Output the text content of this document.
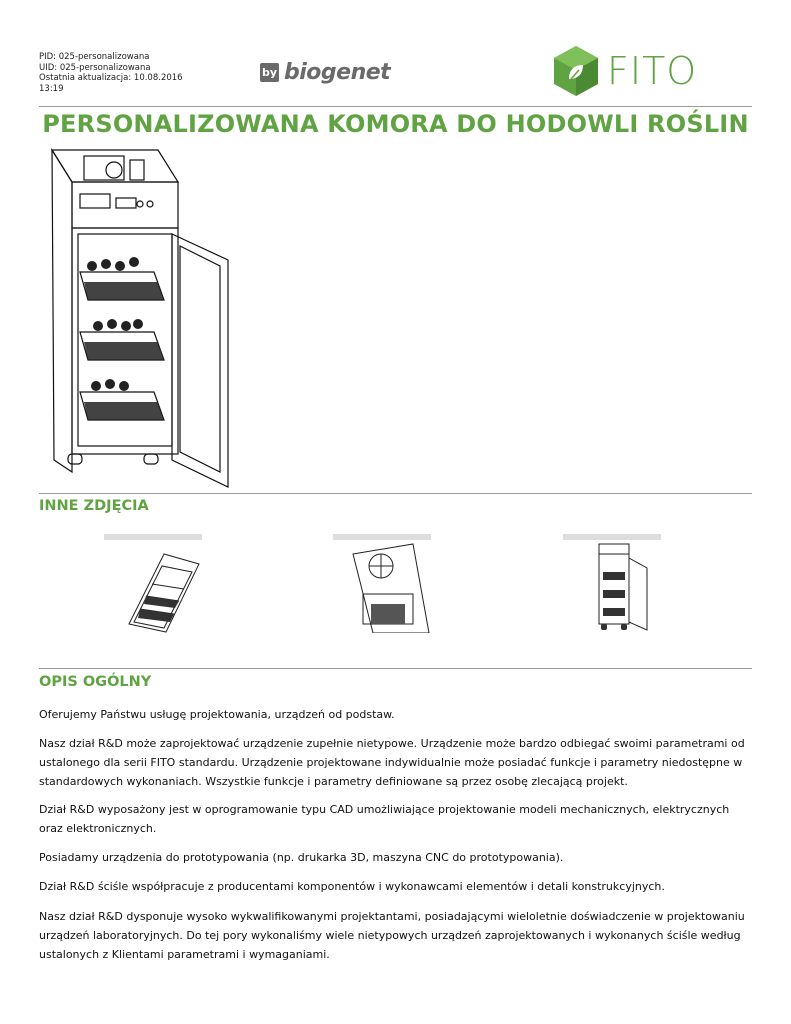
PID: 025-personalizowana
UID: 025-personalizowana
Ostatnia aktualizacja: 10.08.2016
13:19
by biogenet	FITO
PERSONALIZOWANA KOMORA DO HODOWLI ROŚLIN
INNE ZDJĘCIA
OPIS OGÓLNY
Oferujemy Państwu usługę projektowania, urządzeń od podstaw.
Nasz dział R&D może zaprojektować urządzenie zupełnie nietypowe. Urządzenie może bardzo odbiegać swoimi parametrami od ustalonego dla serii FITO standardu. Urządzenie projektowane indywidualnie może posiadać funkcje i parametry niedostępne w standardowych wykonaniach. Wszystkie funkcje i parametry definiowane są przez osobę zlecającą projekt.
Dział R&D wyposażony jest w oprogramowanie typu CAD umożliwiające projektowanie modeli mechanicznych, elektrycznych oraz elektronicznych.
Posiadamy urządzenia do prototypowania (np. drukarka 3D, maszyna CNC do prototypowania).
Dział R&D ściśle współpracuje z producentami komponentów i wykonawcami elementów i detali konstrukcyjnych.
Nasz dział R&D dysponuje wysoko wykwalifikowanymi projektantami, posiadającymi wieloletnie doświadczenie w projektowaniu urządzeń laboratoryjnych. Do tej pory wykonaliśmy wiele nietypowych urządzeń zaprojektowanych i wykonanych ściśle według ustalonych z Klientami parametrami i wymaganiami.
